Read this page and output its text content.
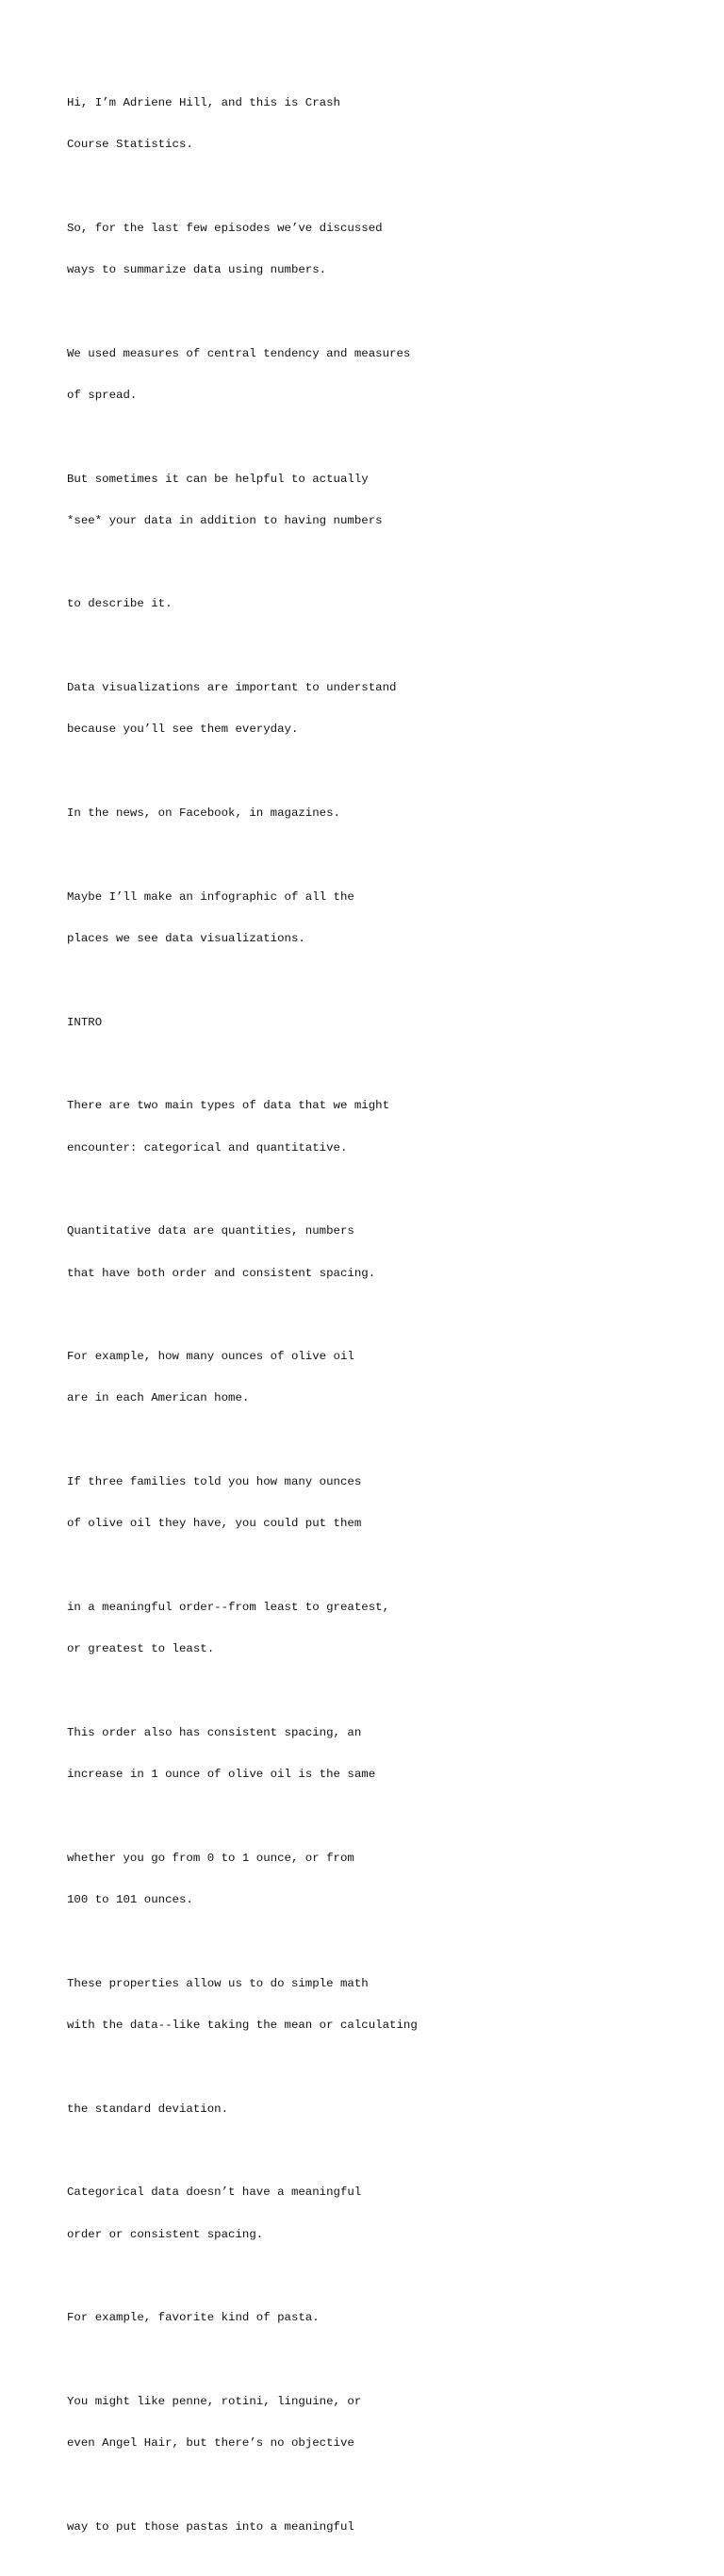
Hi, I’m Adriene Hill, and this is Crash

Course Statistics.

So, for the last few episodes we’ve discussed

ways to summarize data using numbers.

We used measures of central tendency and measures

of spread.

But sometimes it can be helpful to actually

*see* your data in addition to having numbers

to describe it.

Data visualizations are important to understand

because you’ll see them everyday.

In the news, on Facebook, in magazines.

Maybe I’ll make an infographic of all the

places we see data visualizations.

INTRO

There are two main types of data that we might

encounter: categorical and quantitative.

Quantitative data are quantities, numbers

that have both order and consistent spacing.

For example, how many ounces of olive oil

are in each American home.

If three families told you how many ounces

of olive oil they have, you could put them

in a meaningful order--from least to greatest,

or greatest to least.

This order also has consistent spacing, an

increase in 1 ounce of olive oil is the same

whether you go from 0 to 1 ounce, or from

100 to 101 ounces.

These properties allow us to do simple math

with the data--like taking the mean or calculating

the standard deviation.

Categorical data doesn’t have a meaningful

order or consistent spacing.

For example, favorite kind of pasta.

You might like penne, rotini, linguine, or

even Angel Hair, but there’s no objective

way to put those pastas into a meaningful
